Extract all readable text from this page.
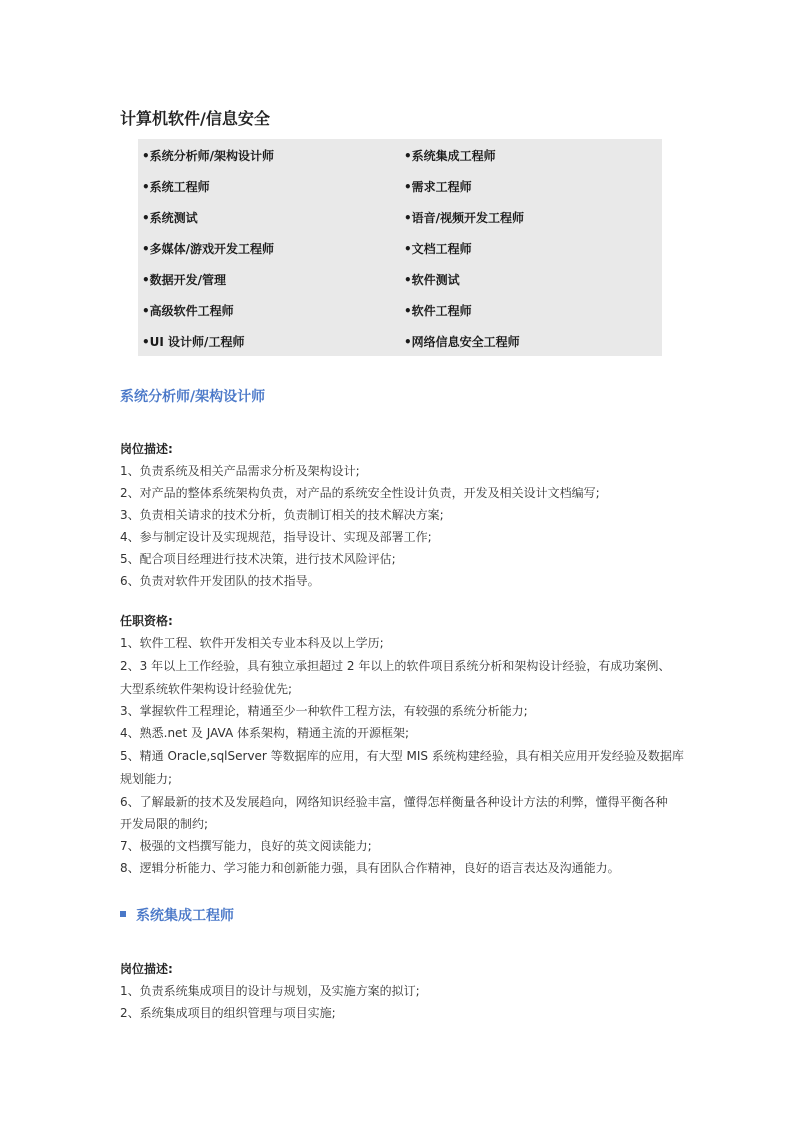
计算机软件/信息安全
•系统分析师/架构设计师
•系统工程师
•系统测试
•多媒体/游戏开发工程师
•数据开发/管理
•高级软件工程师
•UI 设计师/工程师
•系统集成工程师
•需求工程师
•语音/视频开发工程师
•文档工程师
•软件测试
•软件工程师
•网络信息安全工程师
系统分析师/架构设计师
岗位描述:
1、负责系统及相关产品需求分析及架构设计;
2、对产品的整体系统架构负责，对产品的系统安全性设计负责，开发及相关设计文档编写;
3、负责相关请求的技术分析，负责制订相关的技术解决方案;
4、参与制定设计及实现规范，指导设计、实现及部署工作;
5、配合项目经理进行技术决策，进行技术风险评估;
6、负责对软件开发团队的技术指导。
任职资格:
1、软件工程、软件开发相关专业本科及以上学历;
2、3 年以上工作经验，具有独立承担超过 2 年以上的软件项目系统分析和架构设计经验，有成功案例、
大型系统软件架构设计经验优先;
3、掌握软件工程理论，精通至少一种软件工程方法，有较强的系统分析能力;
4、熟悉.net 及 JAVA 体系架构，精通主流的开源框架;
5、精通 Oracle,sqlServer 等数据库的应用，有大型 MIS 系统构建经验，具有相关应用开发经验及数据库
规划能力;
6、了解最新的技术及发展趋向，网络知识经验丰富，懂得怎样衡量各种设计方法的利弊，懂得平衡各种
开发局限的制约;
7、极强的文档撰写能力，良好的英文阅读能力;
8、逻辑分析能力、学习能力和创新能力强，具有团队合作精神，良好的语言表达及沟通能力。
系统集成工程师
岗位描述:
1、负责系统集成项目的设计与规划，及实施方案的拟订;
2、系统集成项目的组织管理与项目实施;
